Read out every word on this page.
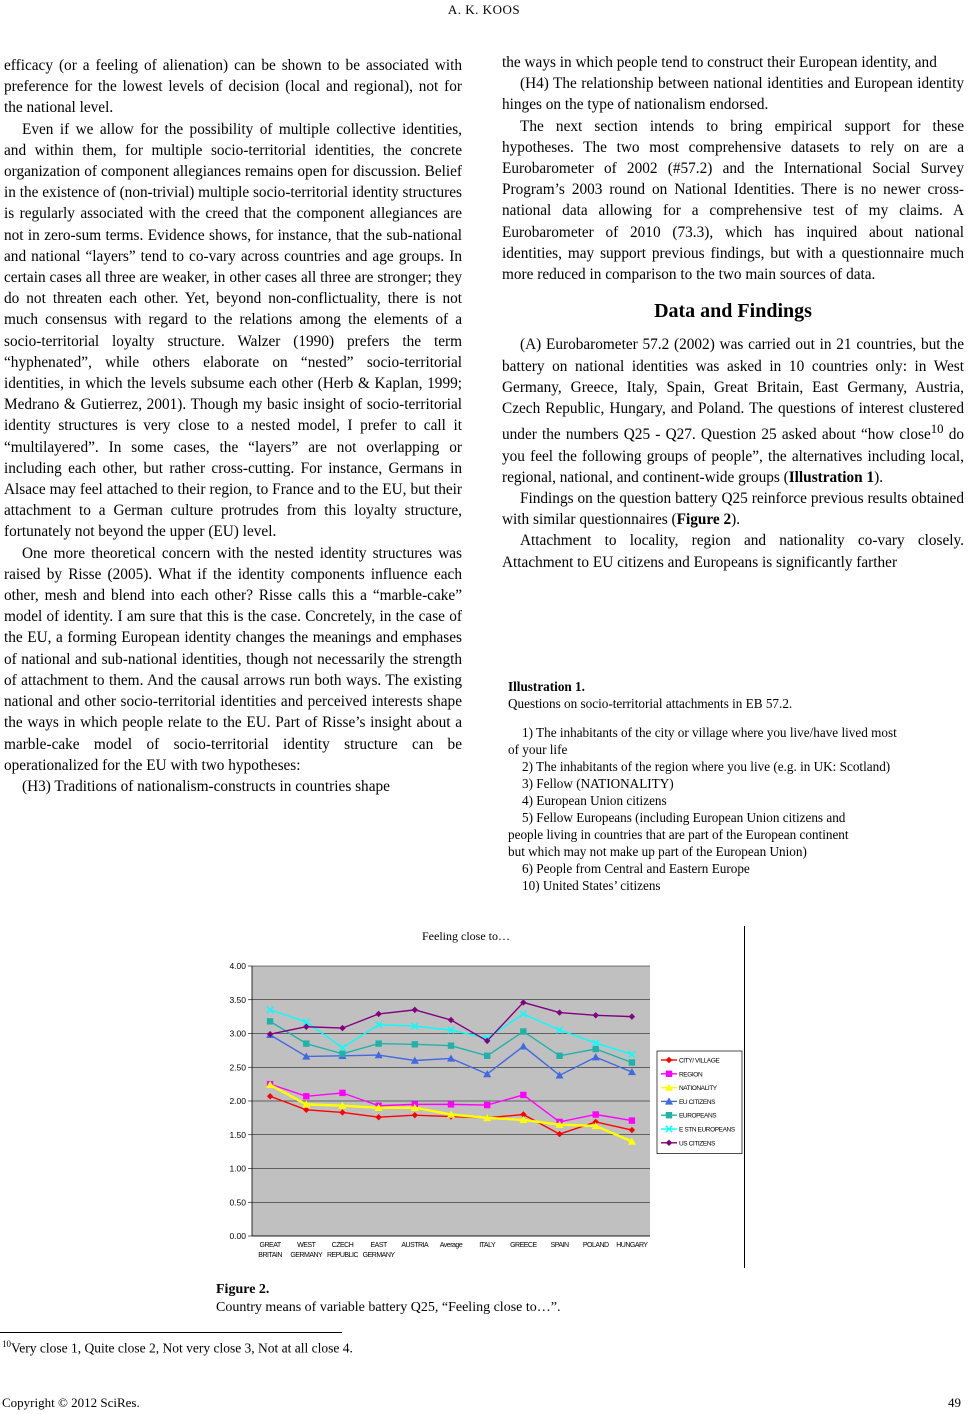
A. K. KOOS

efficacy (or a feeling of alienation) can be shown to be associated with preference for the lowest levels of decision (local and regional), not for the national level.

Even if we allow for the possibility of multiple collective identities, and within them, for multiple socio-territorial identities, the concrete organization of component allegiances remains open for discussion. Belief in the existence of (non-trivial) multiple socio-territorial identity structures is regularly associated with the creed that the component allegiances are not in zero-sum terms. Evidence shows, for instance, that the sub-national and national “layers” tend to co-vary across countries and age groups. In certain cases all three are weaker, in other cases all three are stronger; they do not threaten each other. Yet, beyond non-conflictuality, there is not much consensus with regard to the relations among the elements of a socio-territorial loyalty structure. Walzer (1990) prefers the term “hyphenated”, while others elaborate on “nested” socio-territorial identities, in which the levels subsume each other (Herb & Kaplan, 1999; Medrano & Gutierrez, 2001). Though my basic insight of socio-territorial identity structures is very close to a nested model, I prefer to call it “multilayered”. In some cases, the “layers” are not overlapping or including each other, but rather cross-cutting. For instance, Germans in Alsace may feel attached to their region, to France and to the EU, but their attachment to a German culture protrudes from this loyalty structure, fortunately not beyond the upper (EU) level.

One more theoretical concern with the nested identity structures was raised by Risse (2005). What if the identity components influence each other, mesh and blend into each other? Risse calls this a “marble-cake” model of identity. I am sure that this is the case. Concretely, in the case of the EU, a forming European identity changes the meanings and emphases of national and sub-national identities, though not necessarily the strength of attachment to them. And the causal arrows run both ways. The existing national and other socio-territorial identities and perceived interests shape the ways in which people relate to the EU. Part of Risse’s insight about a marble-cake model of socio-territorial identity structure can be operationalized for the EU with two hypotheses:

(H3) Traditions of nationalism-constructs in countries shape

the ways in which people tend to construct their European identity, and

(H4) The relationship between national identities and European identity hinges on the type of nationalism endorsed.

The next section intends to bring empirical support for these hypotheses. The two most comprehensive datasets to rely on are a Eurobarometer of 2002 (#57.2) and the International Social Survey Program’s 2003 round on National Identities. There is no newer cross-national data allowing for a comprehensive test of my claims. A Eurobarometer of 2010 (73.3), which has inquired about national identities, may support previous findings, but with a questionnaire much more reduced in comparison to the two main sources of data.

Data and Findings

(A) Eurobarometer 57.2 (2002) was carried out in 21 countries, but the battery on national identities was asked in 10 countries only: in West Germany, Greece, Italy, Spain, Great Britain, East Germany, Austria, Czech Republic, Hungary, and Poland. The questions of interest clustered under the numbers Q25 - Q27. Question 25 asked about “how close$^{10}$ do you feel the following groups of people”, the alternatives including local, regional, national, and continent-wide groups (Illustration 1).

Findings on the question battery Q25 reinforce previous results obtained with similar questionnaires (Figure 2).

Attachment to locality, region and nationality co-vary closely. Attachment to EU citizens and Europeans is significantly farther

Illustration 1.
Questions on socio-territorial attachments in EB 57.2.
1) The inhabitants of the city or village where you live/have lived most
of your life
2) The inhabitants of the region where you live (e.g. in UK: Scotland)
3) Fellow (NATIONALITY)
4) European Union citizens
5) Fellow Europeans (including European Union citizens and
people living in countries that are part of the European continent
but which may not make up part of the European Union)
6) People from Central and Eastern Europe
10) United States’ citizens
Feeling close to…
0.00
0.50
1.00
1.50
2.00
2.50
3.00
3.50
4.00
GREAT BRITAIN
WEST GERMANY
CZECH REPUBLIC
EAST GERMANY
AUSTRIA Average ITALY GREECE SPAIN POLAND HUNGARY
CITY/ VILLAGE
REGION
NATIONALITY
EU CITIZENS
EUROPEANS
E STN EUROPEANS
US CITIZENS
Figure 2.
Country means of variable battery Q25, “Feeling close to…”.
$^{10}$Very close 1, Quite close 2, Not very close 3, Not at all close 4.
Copyright © 2012 SciRes.	49
